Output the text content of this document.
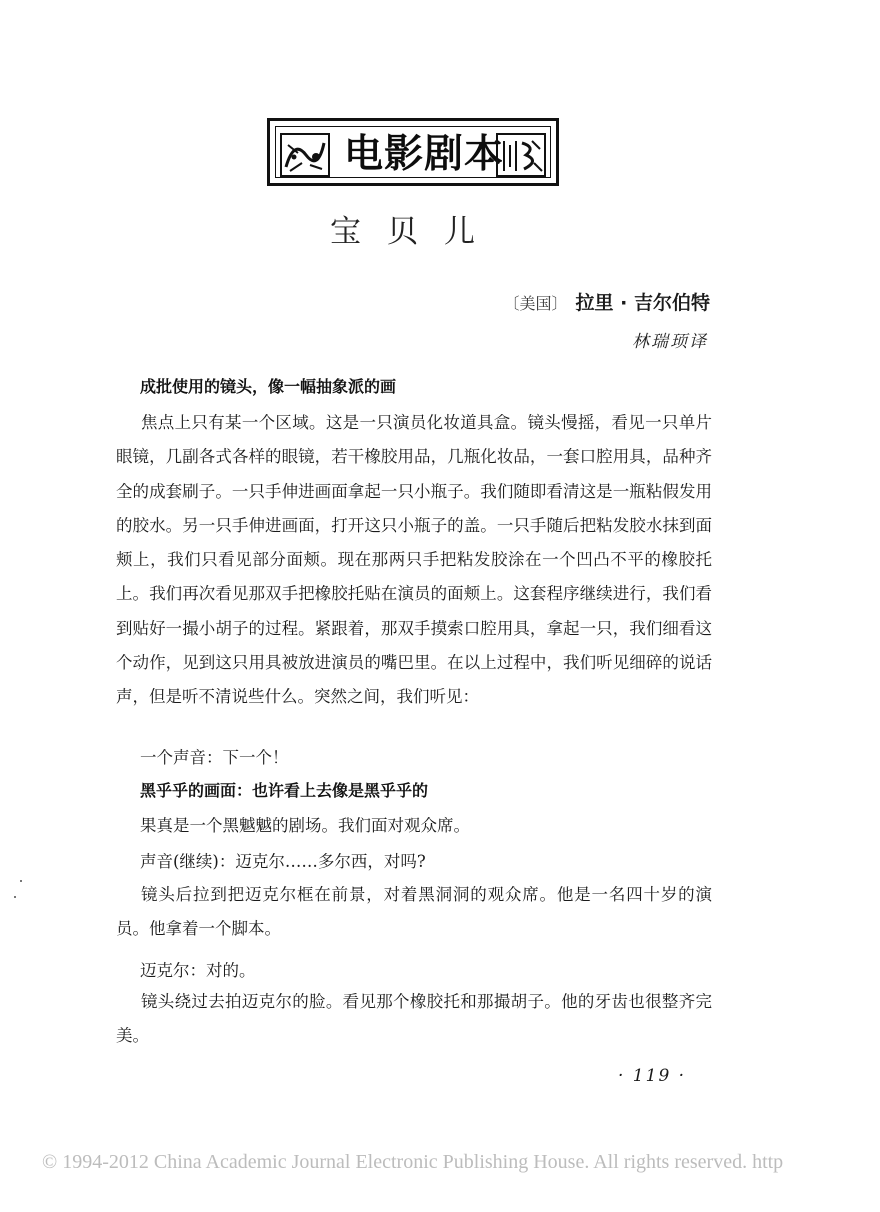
电影剧本
宝贝儿
〔美国〕 拉里 · 吉尔伯特
林瑞顼译
成批使用的镜头，像一幅抽象派的画
焦点上只有某一个区域。这是一只演员化妆道具盒。镜头慢摇，看见一只单片眼镜，几副各式各样的眼镜，若干橡胶用品，几瓶化妆品，一套口腔用具，品种齐全的成套刷子。一只手伸进画面拿起一只小瓶子。我们随即看清这是一瓶粘假发用的胶水。另一只手伸进画面，打开这只小瓶子的盖。一只手随后把粘发胶水抹到面颊上，我们只看见部分面颊。现在那两只手把粘发胶涂在一个凹凸不平的橡胶托上。我们再次看见那双手把橡胶托贴在演员的面颊上。这套程序继续进行，我们看到贴好一撮小胡子的过程。紧跟着，那双手摸索口腔用具，拿起一只，我们细看这个动作，见到这只用具被放进演员的嘴巴里。在以上过程中，我们听见细碎的说话声，但是听不清说些什么。突然之间，我们听见：
一个声音：下一个！
黑乎乎的画面：也许看上去像是黑乎乎的
果真是一个黑魆魆的剧场。我们面对观众席。
声音(继续)：迈克尔……多尔西，对吗?
镜头后拉到把迈克尔框在前景，对着黑洞洞的观众席。他是一名四十岁的演员。他拿着一个脚本。
迈克尔：对的。
镜头绕过去拍迈克尔的脸。看见那个橡胶托和那撮胡子。他的牙齿也很整齐完美。
· 119 ·
© 1994-2012 China Academic Journal Electronic Publishing House. All rights reserved. http
